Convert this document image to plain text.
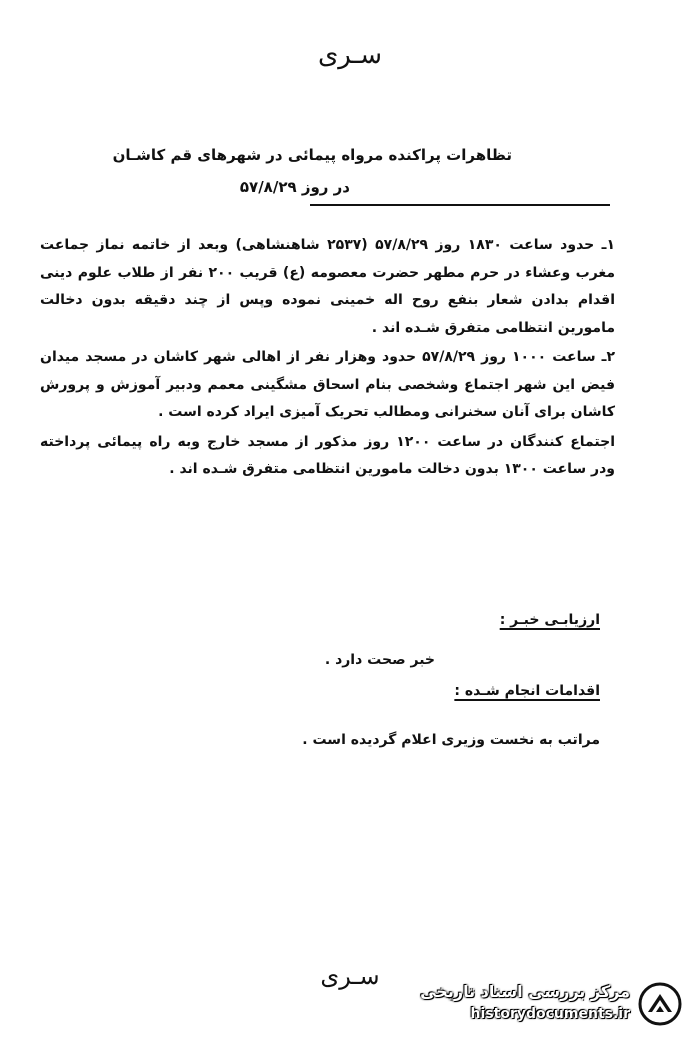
سـری
تظاهرات پراکنده مرواه پیمائی در شهرهای قم کاشـان
در روز ۵۷/۸/۲۹

۱ـ حدود ساعت ۱۸۳۰ روز ۵۷/۸/۲۹ (۲۵۳۷ شاهنشاهی) وبعد از خاتمه نماز جماعت مغرب وعشاء در حرم مطهر حضرت معصومه (ع) قریب ۲۰۰ نفر از طلاب علوم دینی اقدام بدادن شعار بنفع روح اله خمینی نموده وپس از چند دقیقه بدون دخالت مامورین انتظامی متفرق شـده اند .

۲ـ ساعت ۱۰۰۰ روز ۵۷/۸/۲۹ حدود وهزار نفر از اهالی شهر کاشان در مسجد میدان فیض این شهر اجتماع وشخصی بنام اسحاق مشگینی معمم ودبیر آموزش و پرورش کاشان برای آنان سخنرانی ومطالب تحریک آمیزی ایراد کرده است .

اجتماع کنندگان در ساعت ۱۲۰۰ روز مذکور از مسجد خارج وبه راه پیمائی پرداخته ودر ساعت ۱۳۰۰ بدون دخالت مامورین انتظامی متفرق شـده اند .

ارزیابـی خبـر :
خبر صحت دارد .
اقدامات انجام شـده :
مراتب به نخست وزیری اعلام گردیده است .
سـری
مرکز بررسی اسناد تاریخی
historydocuments.ir
